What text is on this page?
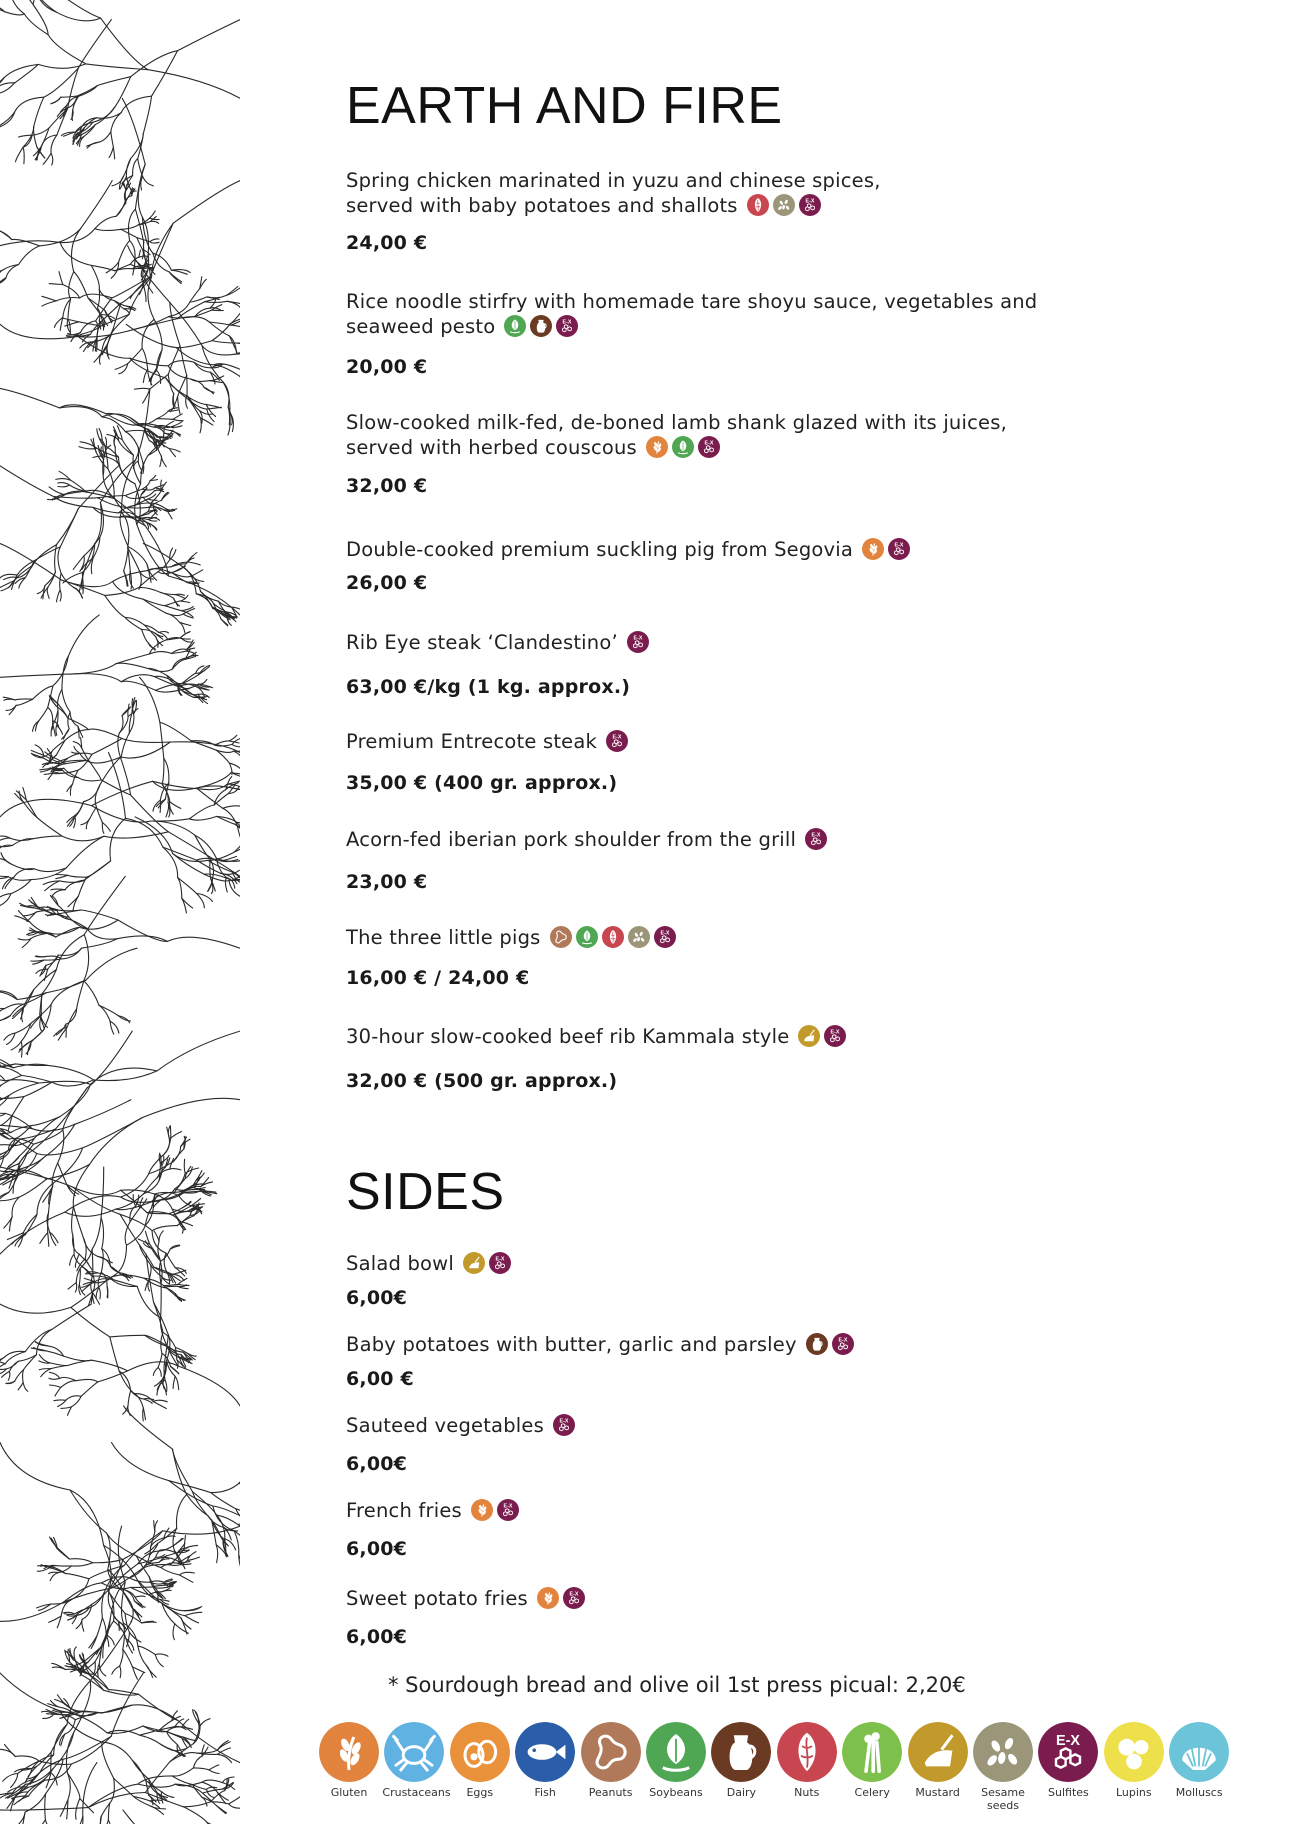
EARTH AND FIRE
Spring chicken marinated in yuzu and chinese spices,
served with baby potatoes and shallots	E-X
24,00 €
Rice noodle stirfry with homemade tare shoyu sauce, vegetables and
seaweed pesto	E-X
20,00 €
Slow-cooked milk-fed, de-boned lamb shank glazed with its juices,
served with herbed couscous	E-X
32,00 €
Double-cooked premium suckling pig from Segovia E-X
26,00 €
Rib Eye steak ‘Clandestino’ E-X
63,00 €/kg (1 kg. approx.)
Premium Entrecote steak E-X
35,00 € (400 gr. approx.)
Acorn-fed iberian pork shoulder from the grill E-X
23,00 €
The three little pigs	E-X
16,00 € / 24,00 €
30-hour slow-cooked beef rib Kammala style E-X
32,00 € (500 gr. approx.)
SIDES
Salad bowl E-X
6,00€
Baby potatoes with butter, garlic and parsley E-X
6,00 €
Sauteed vegetables E-X
6,00€
French fries E-X
6,00€
Sweet potato fries E-X
6,00€
* Sourdough bread and olive oil 1st press picual: 2,20€
Gluten	Crustaceans	Eggs	Fish	Peanuts	Soybeans	Dairy	Nuts	Celery	Mustard	Sesame seeds
E-X
Sulfites	Lupins	Molluscs
